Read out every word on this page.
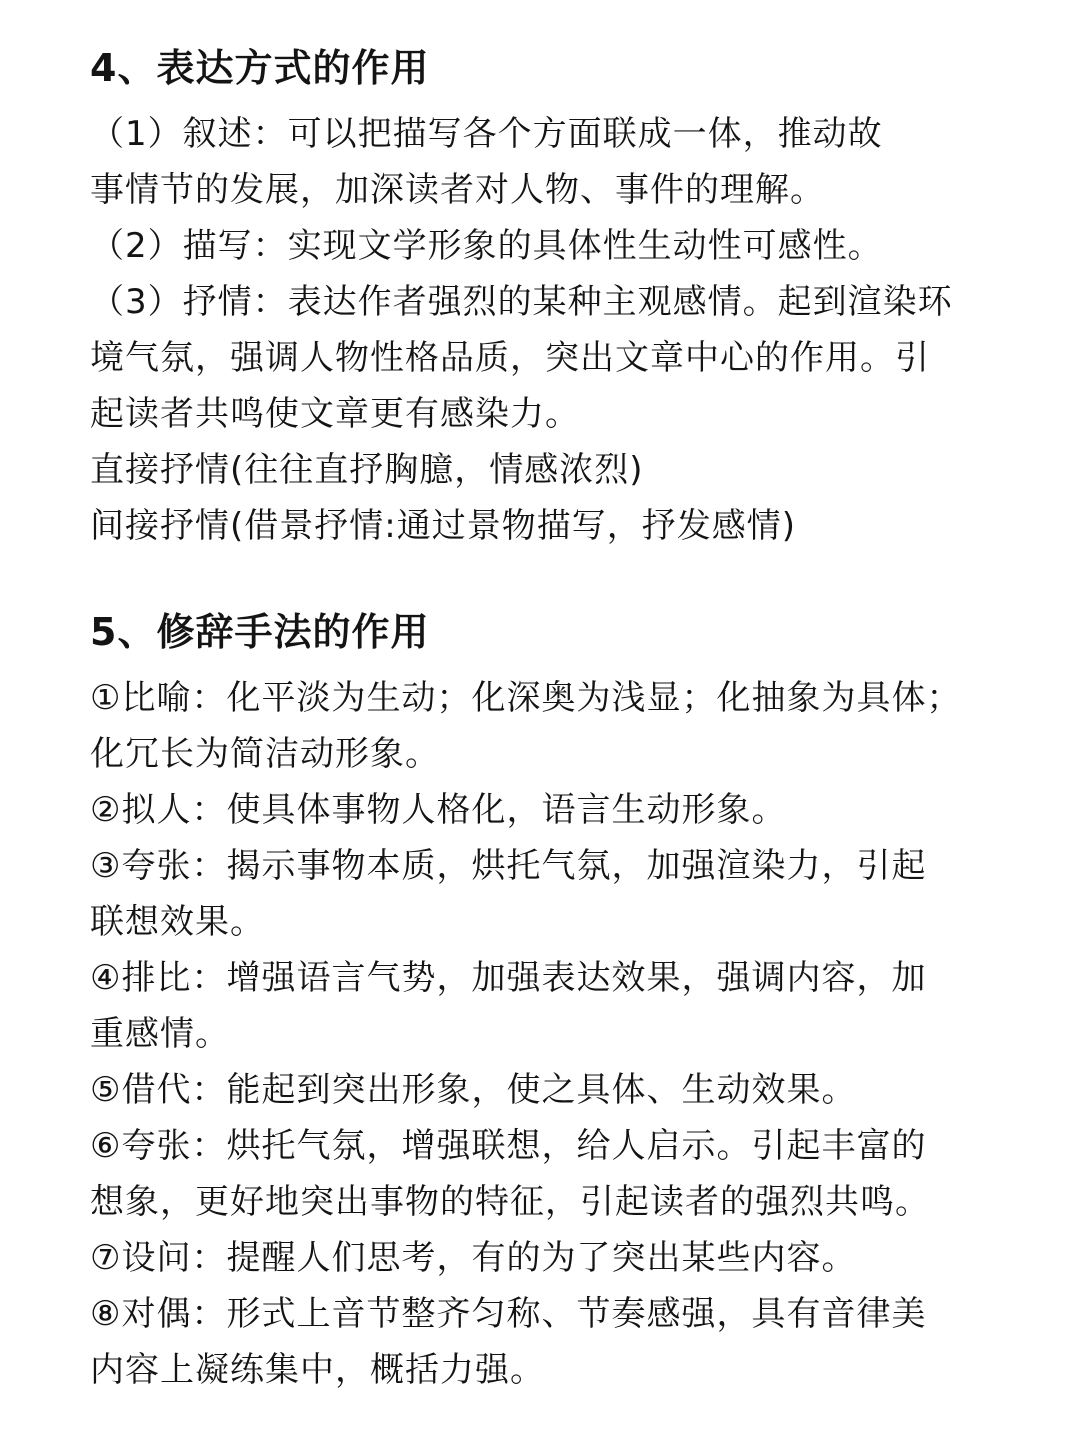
4、表达方式的作用

（1）叙述：可以把描写各个方面联成一体，推动故
事情节的发展，加深读者对人物、事件的理解。

（2）描写：实现文学形象的具体性生动性可感性。

（3）抒情：表达作者强烈的某种主观感情。起到渲染环
境气氛，强调人物性格品质，突出文章中心的作用。引
起读者共鸣使文章更有感染力。

直接抒情(往往直抒胸臆，情感浓烈)

间接抒情(借景抒情:通过景物描写，抒发感情)

5、修辞手法的作用

①比喻：化平淡为生动；化深奥为浅显；化抽象为具体；
化冗长为简洁动形象。

②拟人：使具体事物人格化，语言生动形象。

③夸张：揭示事物本质，烘托气氛，加强渲染力，引起
联想效果。

④排比：增强语言气势，加强表达效果，强调内容，加
重感情。

⑤借代：能起到突出形象，使之具体、生动效果。

⑥夸张：烘托气氛，增强联想，给人启示。引起丰富的
想象，更好地突出事物的特征，引起读者的强烈共鸣。

⑦设问：提醒人们思考，有的为了突出某些内容。

⑧对偶：形式上音节整齐匀称、节奏感强，具有音律美
内容上凝练集中，概括力强。
